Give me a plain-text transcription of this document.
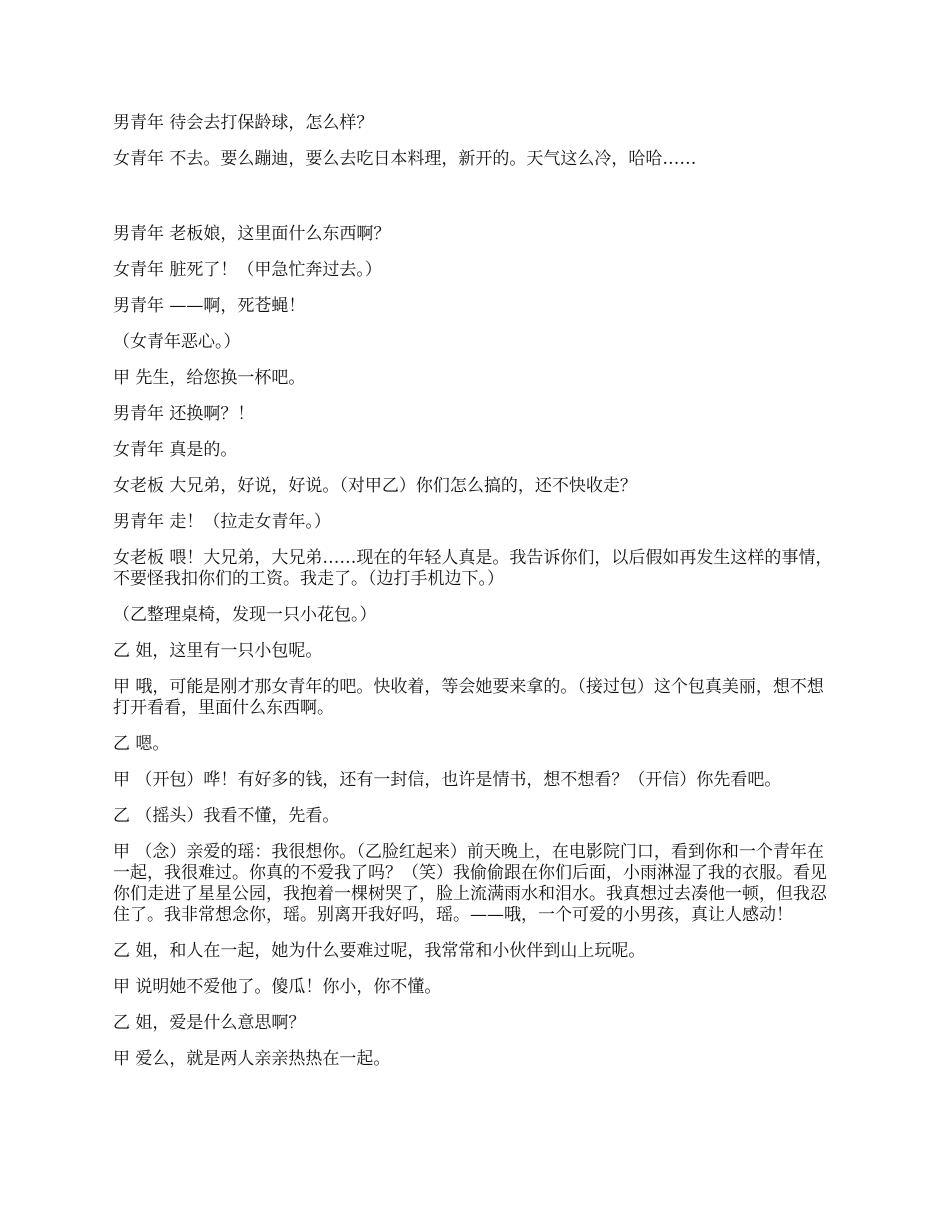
男青年 待会去打保龄球，怎么样？

女青年 不去。要么蹦迪，要么去吃日本料理，新开的。天气这么冷，哈哈……

男青年 老板娘，这里面什么东西啊？

女青年 脏死了！（甲急忙奔过去。）

男青年 ——啊，死苍蝇！

（女青年恶心。）

甲 先生，给您换一杯吧。

男青年 还换啊？！

女青年 真是的。

女老板 大兄弟，好说，好说。（对甲乙）你们怎么搞的，还不快收走？

男青年 走！（拉走女青年。）

女老板 喂！大兄弟，大兄弟……现在的年轻人真是。我告诉你们，以后假如再发生这样的事情，不要怪我扣你们的工资。我走了。（边打手机边下。）

（乙整理桌椅，发现一只小花包。）

乙 姐，这里有一只小包呢。

甲 哦，可能是刚才那女青年的吧。快收着，等会她要来拿的。（接过包）这个包真美丽，想不想打开看看，里面什么东西啊。

乙 嗯。

甲 （开包）哗！有好多的钱，还有一封信，也许是情书，想不想看？（开信）你先看吧。

乙 （摇头）我看不懂，先看。

甲 （念）亲爱的瑶：我很想你。（乙脸红起来）前天晚上，在电影院门口，看到你和一个青年在一起，我很难过。你真的不爱我了吗？（笑）我偷偷跟在你们后面，小雨淋湿了我的衣服。看见你们走进了星星公园，我抱着一棵树哭了，脸上流满雨水和泪水。我真想过去凑他一顿，但我忍住了。我非常想念你，瑶。别离开我好吗，瑶。——哦，一个可爱的小男孩，真让人感动！

乙 姐，和人在一起，她为什么要难过呢，我常常和小伙伴到山上玩呢。

甲 说明她不爱他了。傻瓜！你小，你不懂。

乙 姐，爱是什么意思啊？

甲 爱么，就是两人亲亲热热在一起。
